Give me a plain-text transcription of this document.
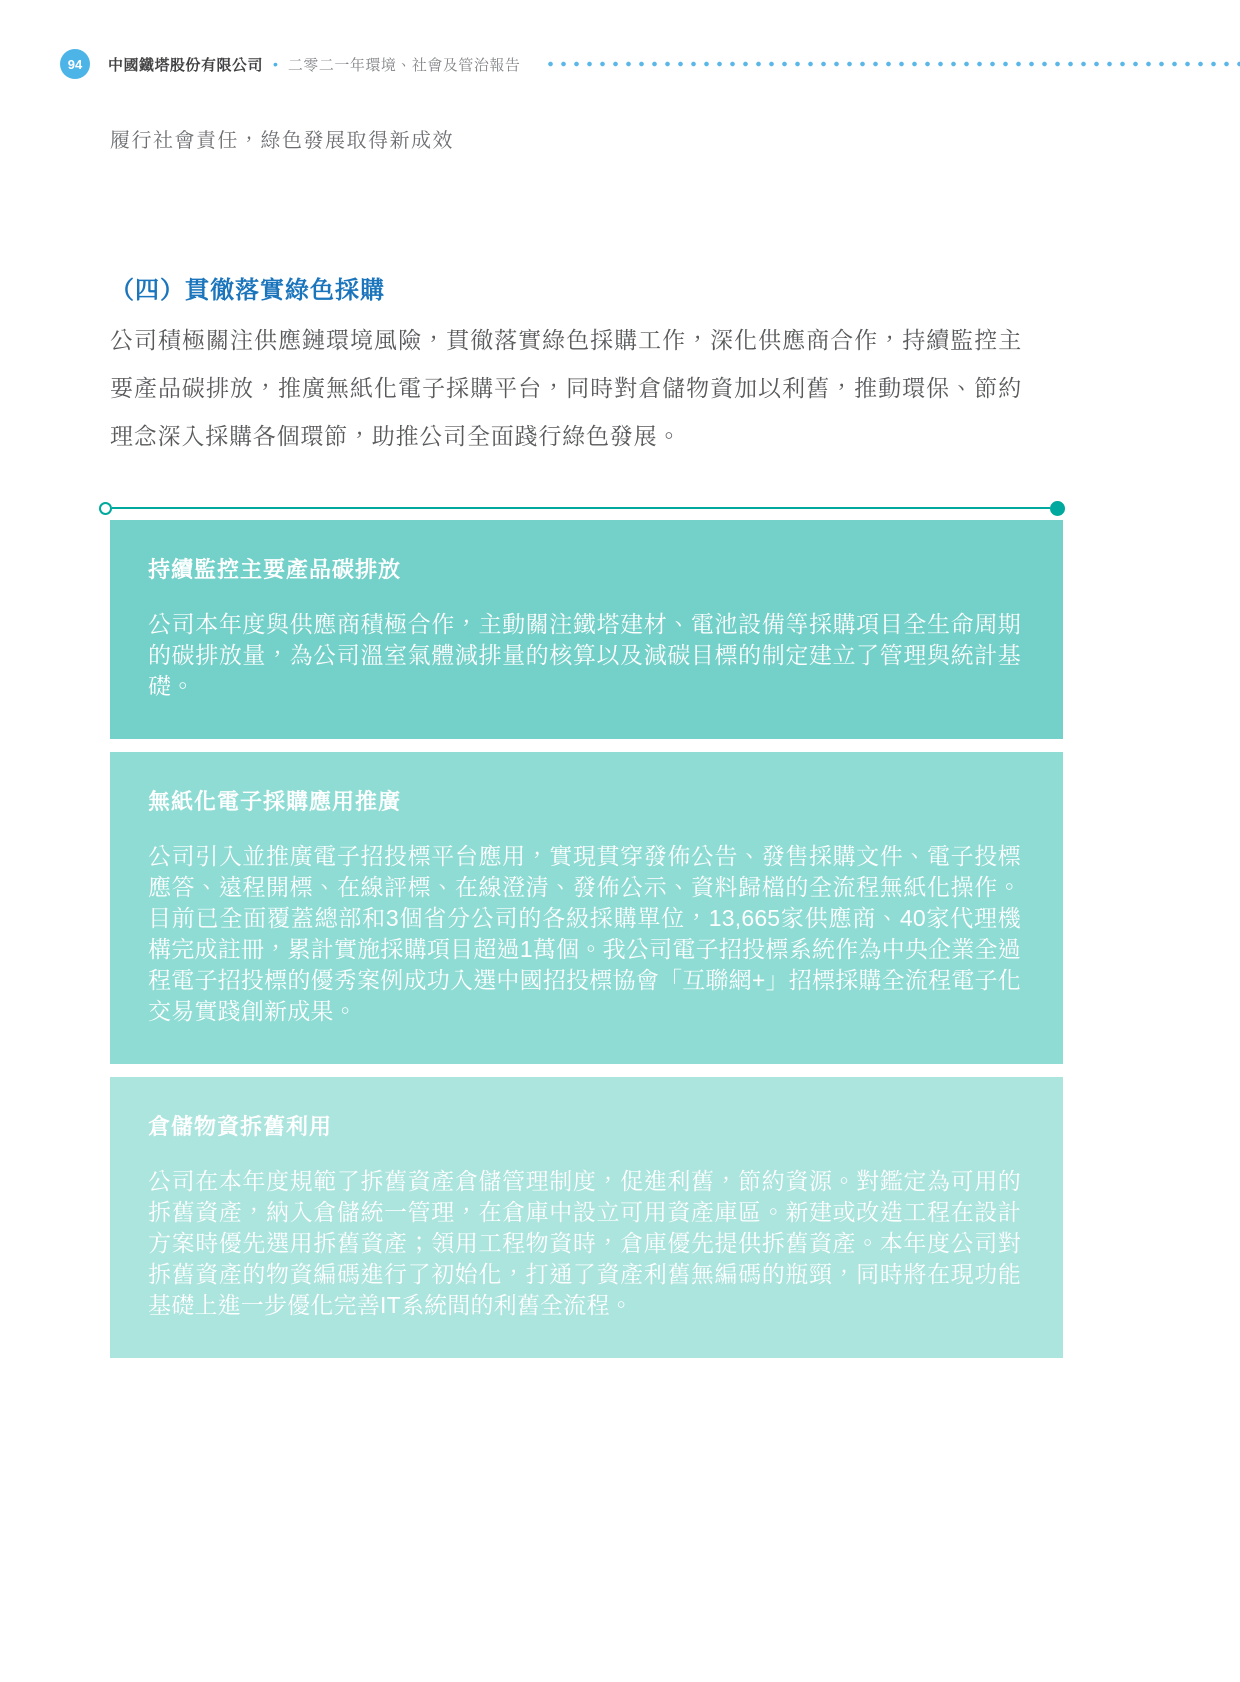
94	中國鐵塔股份有限公司 • 二零二一年環境、社會及管治報告
履行社會責任，綠色發展取得新成效
（四）貫徹落實綠色採購

公司積極關注供應鏈環境風險，貫徹落實綠色採購工作，深化供應商合作，持續監控主要產品碳排放，推廣無紙化電子採購平台，同時對倉儲物資加以利舊，推動環保、節約理念深入採購各個環節，助推公司全面踐行綠色發展。

持續監控主要產品碳排放

公司本年度與供應商積極合作，主動關注鐵塔建材、電池設備等採購項目全生命周期的碳排放量，為公司溫室氣體減排量的核算以及減碳目標的制定建立了管理與統計基礎。

無紙化電子採購應用推廣

公司引入並推廣電子招投標平台應用，實現貫穿發佈公告、發售採購文件、電子投標應答、遠程開標、在線評標、在線澄清、發佈公示、資料歸檔的全流程無紙化操作。目前已全面覆蓋總部和3個省分公司的各級採購單位，13,665家供應商、40家代理機構完成註冊，累計實施採購項目超過1萬個。我公司電子招投標系統作為中央企業全過程電子招投標的優秀案例成功入選中國招投標協會「互聯網+」招標採購全流程電子化交易實踐創新成果。

倉儲物資拆舊利用

公司在本年度規範了拆舊資產倉儲管理制度，促進利舊，節約資源。對鑑定為可用的拆舊資產，納入倉儲統一管理，在倉庫中設立可用資產庫區。新建或改造工程在設計方案時優先選用拆舊資產；領用工程物資時，倉庫優先提供拆舊資產。本年度公司對拆舊資產的物資編碼進行了初始化，打通了資產利舊無編碼的瓶頸，同時將在現功能基礎上進一步優化完善IT系統間的利舊全流程。
